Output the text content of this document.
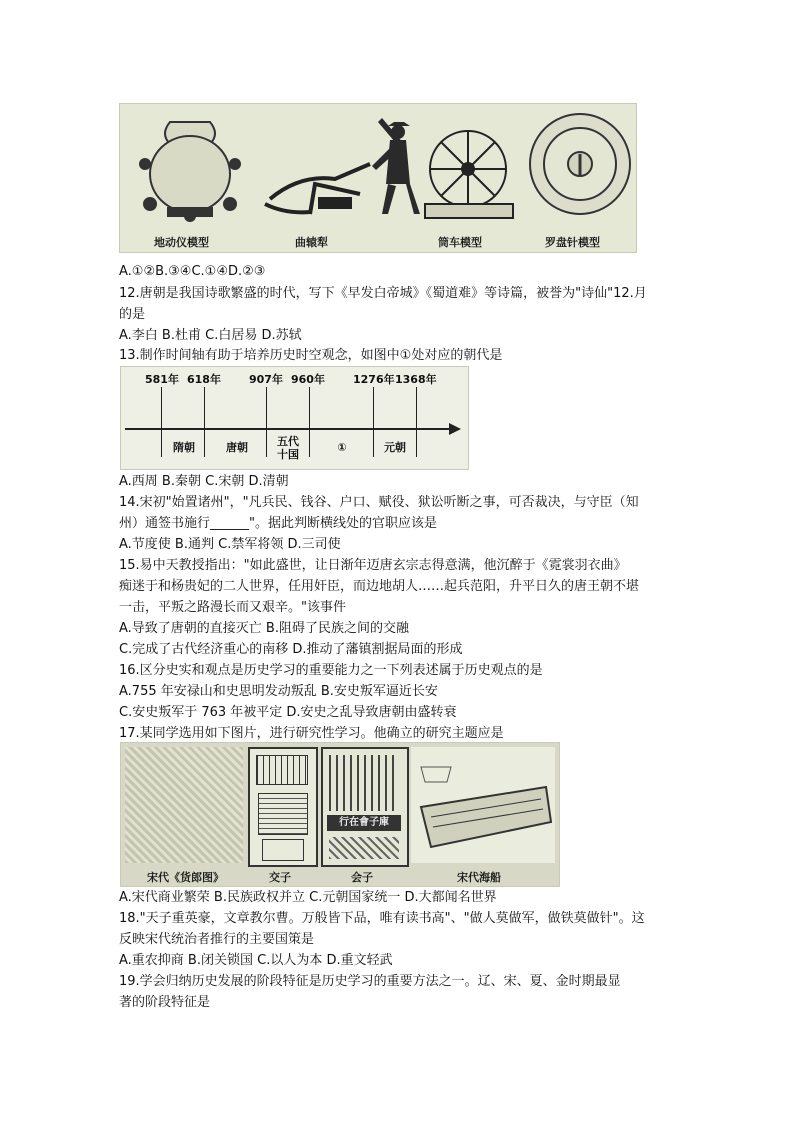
地动仪模型	曲辕犁	筒车模型	罗盘针模型
A.①②B.③④C.①④D.②③
12.唐朝是我国诗歌繁盛的时代，写下《早发白帝城》《蜀道难》等诗篇，被誉为"诗仙"12.月
的是
A.李白 B.杜甫 C.白居易 D.苏轼
13.制作时间轴有助于培养历史时空观念，如图中①处对应的朝代是
581年 618年	907年 960年	1276年 1368年
隋朝	唐朝	五代十国
①	元朝
A.西周 B.秦朝 C.宋朝 D.清朝
14.宋初"始置诸州"，"凡兵民、钱谷、户口、赋役、狱讼听断之事，可否裁决，与守臣（知
州）通签书施行______"。据此判断横线处的官职应该是
A.节度使 B.通判 C.禁军将领 D.三司使
15.易中天教授指出："如此盛世，让日渐年迈唐玄宗志得意满，他沉醉于《霓裳羽衣曲》
痴迷于和杨贵妃的二人世界，任用奸臣，而边地胡人……起兵范阳，升平日久的唐王朝不堪
一击，平叛之路漫长而又艰辛。"该事件
A.导致了唐朝的直接灭亡 B.阻碍了民族之间的交融
C.完成了古代经济重心的南移 D.推动了藩镇割据局面的形成
16.区分史实和观点是历史学习的重要能力之一下列表述属于历史观点的是
A.755 年安禄山和史思明发动叛乱 B.安史叛军逼近长安
C.安史叛军于 763 年被平定 D.安史之乱导致唐朝由盛转衰
17.某同学选用如下图片，进行研究性学习。他确立的研究主题应是
行在會子庫
宋代《货郎图》	交子	会子	宋代海船
A.宋代商业繁荣 B.民族政权并立 C.元朝国家统一 D.大都闻名世界
18."天子重英豪，文章教尔曹。万般皆下品，唯有读书高"、"做人莫做军，做铁莫做针"。这
反映宋代统治者推行的主要国策是
A.重农抑商 B.闭关锁国 C.以人为本 D.重文轻武
19.学会归纳历史发展的阶段特征是历史学习的重要方法之一。辽、宋、夏、金时期最显
著的阶段特征是
